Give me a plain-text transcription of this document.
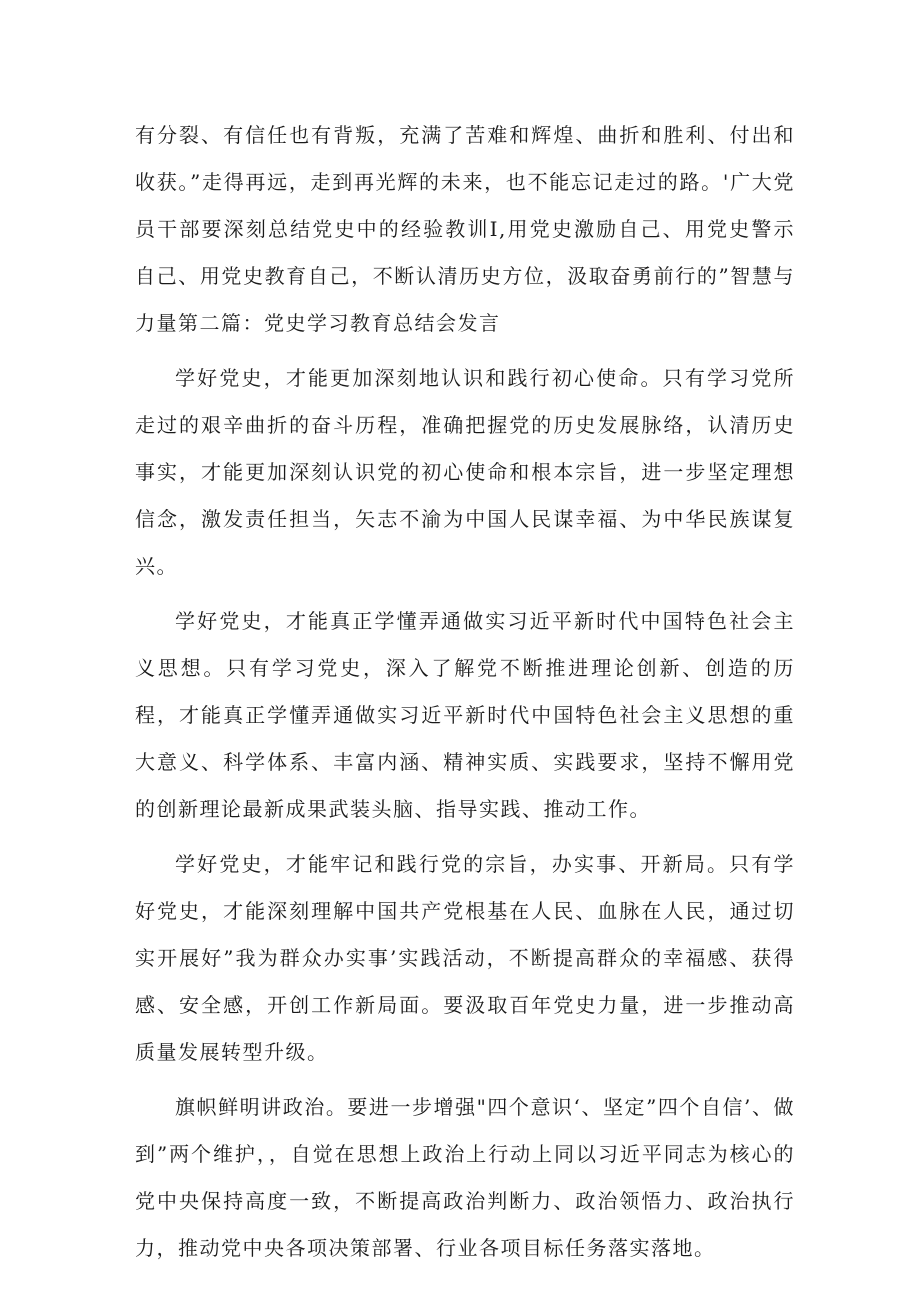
有分裂、有信任也有背叛，充满了苦难和辉煌、曲折和胜利、付出和收获。”走得再远，走到再光辉的未来，也不能忘记走过的路。'广大党员干部要深刻总结党史中的经验教训I,用党史激励自己、用党史警示自己、用党史教育自己，不断认清历史方位，汲取奋勇前行的”智慧与力量第二篇：党史学习教育总结会发言

学好党史，才能更加深刻地认识和践行初心使命。只有学习党所走过的艰辛曲折的奋斗历程，准确把握党的历史发展脉络，认清历史事实，才能更加深刻认识党的初心使命和根本宗旨，进一步坚定理想信念，激发责任担当，矢志不渝为中国人民谋幸福、为中华民族谋复兴。

学好党史，才能真正学懂弄通做实习近平新时代中国特色社会主义思想。只有学习党史，深入了解党不断推进理论创新、创造的历程，才能真正学懂弄通做实习近平新时代中国特色社会主义思想的重大意义、科学体系、丰富内涵、精神实质、实践要求，坚持不懈用党的创新理论最新成果武装头脑、指导实践、推动工作。

学好党史，才能牢记和践行党的宗旨，办实事、开新局。只有学好党史，才能深刻理解中国共产党根基在人民、血脉在人民，通过切实开展好”我为群众办实事’实践活动，不断提高群众的幸福感、获得感、安全感，开创工作新局面。要汲取百年党史力量，进一步推动高质量发展转型升级。

旗帜鲜明讲政治。要进一步增强"四个意识‘、坚定”四个自信’、做到”两个维护，，自觉在思想上政治上行动上同以习近平同志为核心的党中央保持高度一致，不断提高政治判断力、政治领悟力、政治执行力，推动党中央各项决策部署、行业各项目标任务落实落地。
